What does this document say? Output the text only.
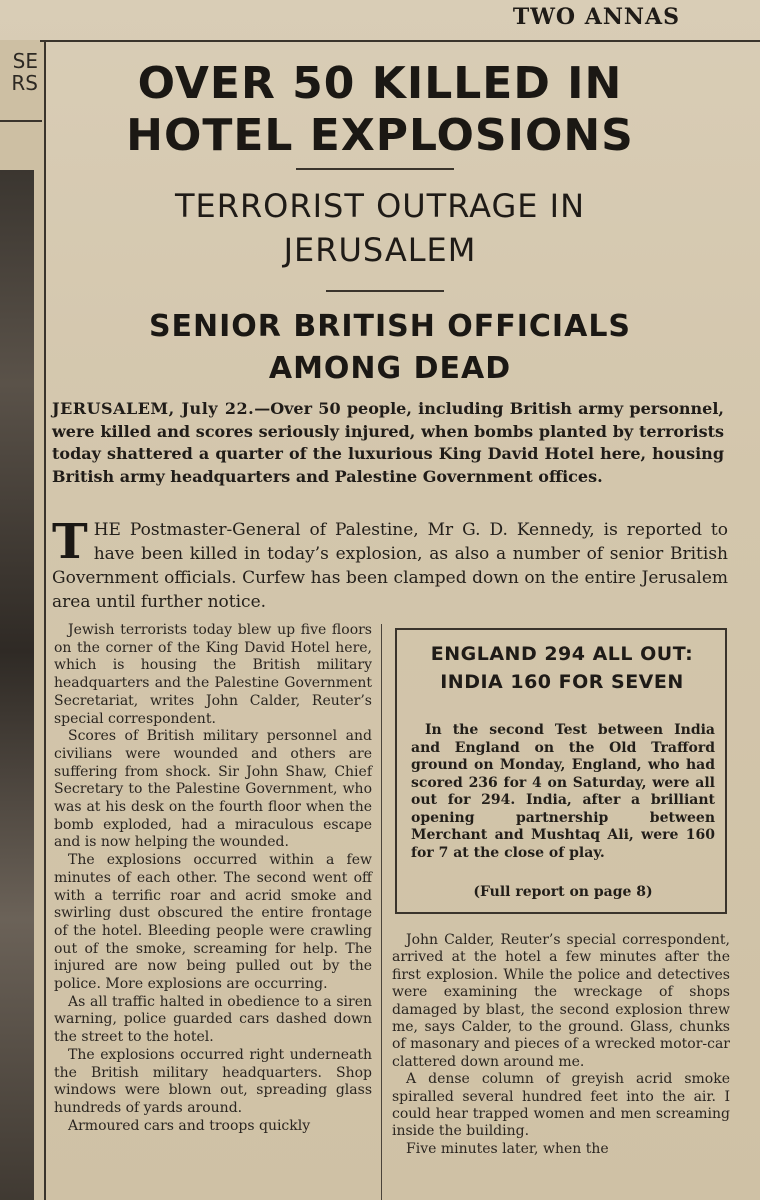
SE
RS
TWO ANNAS
OVER 50 KILLED IN HOTEL EXPLOSIONS
TERRORIST OUTRAGE IN JERUSALEM
SENIOR BRITISH OFFICIALS AMONG DEAD
JERUSALEM, July 22.—Over 50 people, including British army personnel, were killed and scores seriously injured, when bombs planted by terrorists today shattered a quarter of the luxurious King David Hotel here, housing British army headquarters and Palestine Government offices.
THE Postmaster-General of Palestine, Mr G. D. Kennedy, is reported to have been killed in today’s explosion, as also a number of senior British Government officials. Curfew has been clamped down on the entire Jerusalem area until further notice.

Jewish terrorists today blew up five floors on the corner of the King David Hotel here, which is housing the British military headquarters and the Palestine Government Secretariat, writes John Calder, Reuter’s special correspondent.

Scores of British military personnel and civilians were wounded and others are suffering from shock. Sir John Shaw, Chief Secretary to the Palestine Government, who was at his desk on the fourth floor when the bomb exploded, had a miraculous escape and is now helping the wounded.

The explosions occurred within a few minutes of each other. The second went off with a terrific roar and acrid smoke and swirling dust obscured the entire frontage of the hotel. Bleeding people were crawling out of the smoke, screaming for help. The injured are now being pulled out by the police. More explosions are occurring.

As all traffic halted in obedience to a siren warning, police guarded cars dashed down the street to the hotel.

The explosions occurred right underneath the British military headquarters. Shop windows were blown out, spreading glass hundreds of yards around.

Armoured cars and troops quickly

ENGLAND 294 ALL OUT: INDIA 160 FOR SEVEN

In the second Test between India and England on the Old Trafford ground on Monday, England, who had scored 236 for 4 on Saturday, were all out for 294. India, after a brilliant opening partnership between Merchant and Mushtaq Ali, were 160 for 7 at the close of play.

(Full report on page 8)

John Calder, Reuter’s special correspondent, arrived at the hotel a few minutes after the first explosion. While the police and detectives were examining the wreckage of shops damaged by blast, the second explosion threw me, says Calder, to the ground. Glass, chunks of masonary and pieces of a wrecked motor-car clattered down around me.

A dense column of greyish acrid smoke spiralled several hundred feet into the air. I could hear trapped women and men screaming inside the building.

Five minutes later, when the
